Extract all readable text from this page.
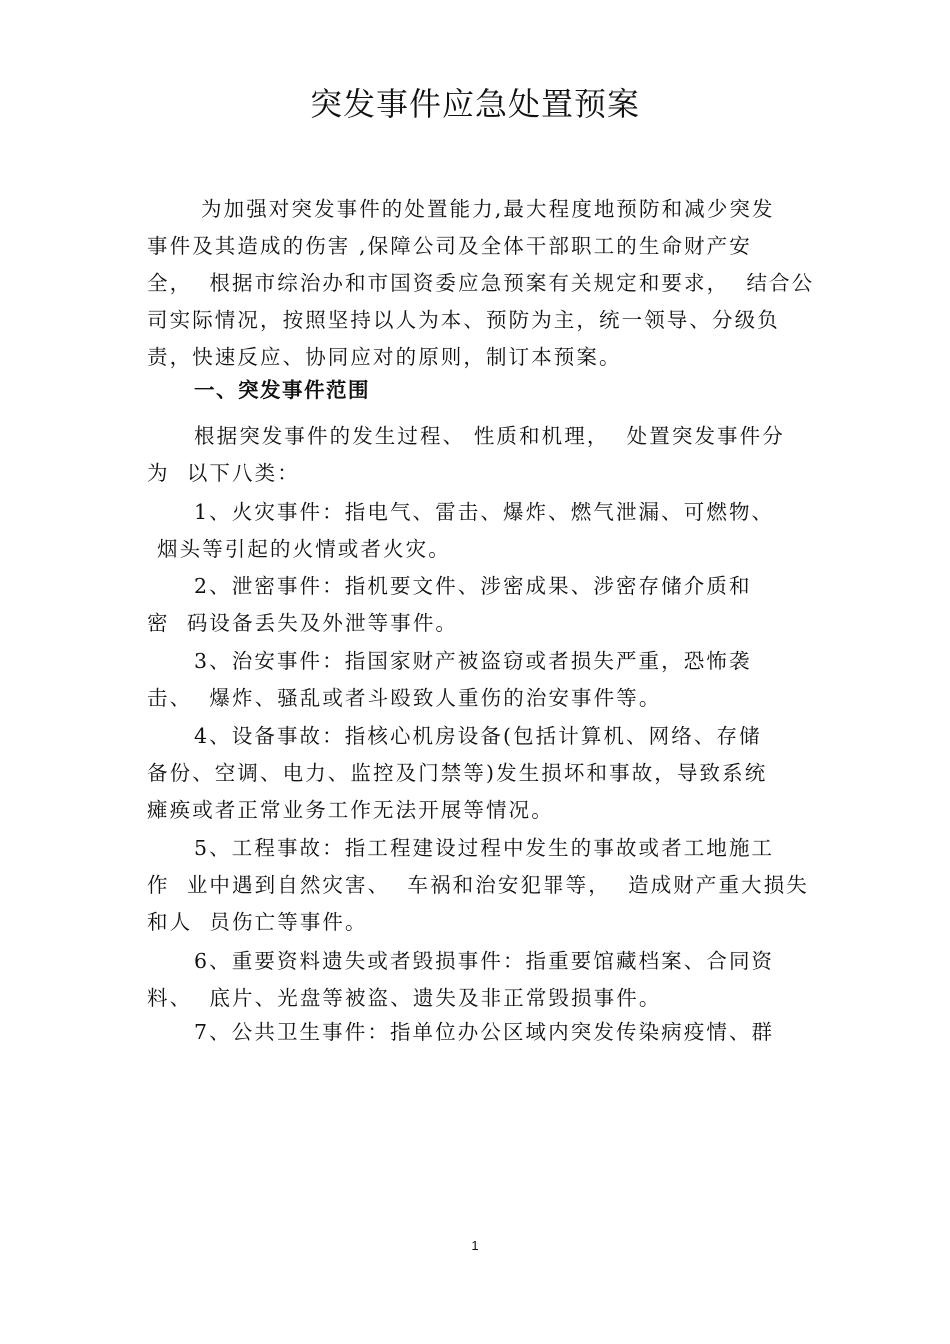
突发事件应急处置预案
为加强对突发事件的处置能力,最大程度地预防和减少突发
事件及其造成的伤害 ,保障公司及全体干部职工的生命财产安
全，  根据市综治办和市国资委应急预案有关规定和要求，  结合公
司实际情况，按照坚持以人为本、预防为主，统一领导、分级负
责，快速反应、协同应对的原则，制订本预案。
一、突发事件范围
根据突发事件的发生过程、 性质和机理，  处置突发事件分
为  以下八类：
1、火灾事件：指电气、雷击、爆炸、燃气泄漏、可燃物、
烟头等引起的火情或者火灾。
2、泄密事件：指机要文件、涉密成果、涉密存储介质和
密  码设备丢失及外泄等事件。
3、治安事件：指国家财产被盗窃或者损失严重，恐怖袭
击、  爆炸、骚乱或者斗殴致人重伤的治安事件等。
4、设备事故：指核心机房设备(包括计算机、网络、存储
备份、空调、电力、监控及门禁等)发生损坏和事故，导致系统
瘫痪或者正常业务工作无法开展等情况。
5、工程事故：指工程建设过程中发生的事故或者工地施工
作  业中遇到自然灾害、  车祸和治安犯罪等，  造成财产重大损失
和人  员伤亡等事件。
6、重要资料遗失或者毁损事件：指重要馆藏档案、合同资
料、  底片、光盘等被盗、遗失及非正常毁损事件。
7、公共卫生事件：指单位办公区域内突发传染病疫情、群
1
